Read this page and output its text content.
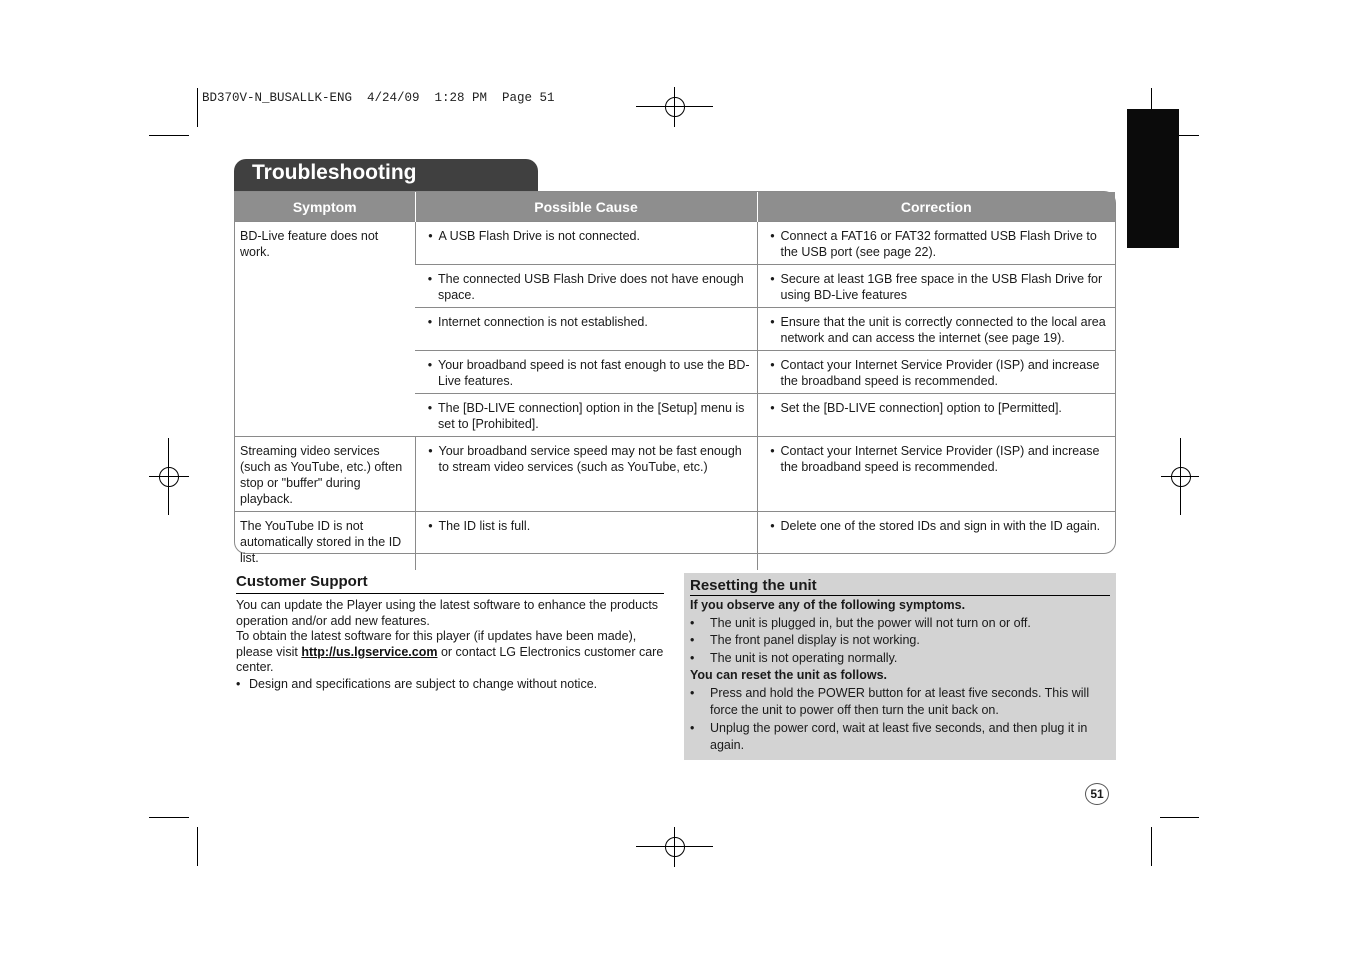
BD370V-N_BUSALLK-ENG  4/24/09  1:28 PM  Page 51
Troubleshooting
Symptom	Possible Cause	Correction
BD-Live feature does not work.	• A USB Flash Drive is not connected.	• Connect a FAT16 or FAT32 formatted USB Flash Drive to the USB port (see page 22).

	• The connected USB Flash Drive does not have enough space.	• Secure at least 1GB free space in the USB Flash Drive for using BD-Live features

	• Internet connection is not established.	• Ensure that the unit is correctly connected to the local area network and can access the internet (see page 19).

	• Your broadband speed is not fast enough to use the BD-Live features.	• Contact your Internet Service Provider (ISP) and increase the broadband speed is recommended.

	• The [BD-LIVE connection] option in the [Setup] menu is set to [Prohibited].	• Set the [BD-LIVE connection] option to [Permitted].

Streaming video services (such as YouTube, etc.) often stop or "buffer" during playback.	• Your broadband service speed may not be fast enough to stream video services (such as YouTube, etc.)	• Contact your Internet Service Provider (ISP) and increase the broadband speed is recommended.

The YouTube ID is not automatically stored in the ID list.	• The ID list is full.	• Delete one of the stored IDs and sign in with the ID again.
Customer Support
You can update the Player using the latest software to enhance the products operation and/or add new features.
To obtain the latest software for this player (if updates have been made), please visit http://us.lgservice.com or contact LG Electronics customer care center.
• Design and specifications are subject to change without notice.
Resetting the unit
If you observe any of the following symptoms.
•	The unit is plugged in, but the power will not turn on or off.
•	The front panel display is not working.
•	The unit is not operating normally.
You can reset the unit as follows.
•	Press and hold the POWER button for at least five seconds. This will force the unit to power off then turn the unit back on.
•	Unplug the power cord, wait at least five seconds, and then plug it in again.
51
